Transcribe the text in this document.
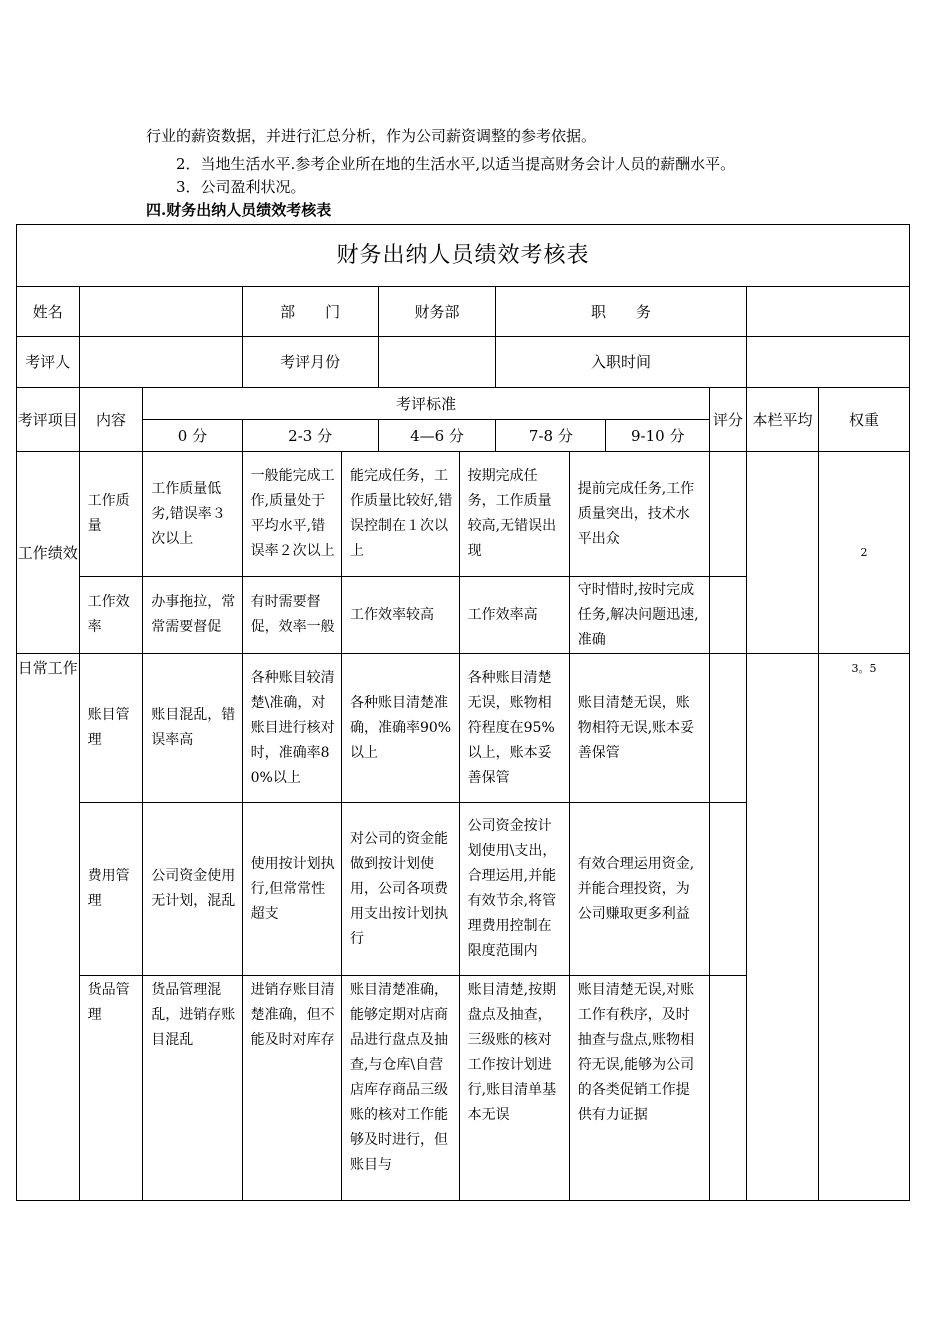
行业的薪资数据，并进行汇总分析，作为公司薪资调整的参考依据。
2．当地生活水平.参考企业所在地的生活水平,以适当提高财务会计人员的薪酬水平。
3．公司盈利状况。
四.财务出纳人员绩效考核表
财务出纳人员绩效考核表												
姓名			部　　门		财务部		职　　务					
考评人			考评月份				入职时间					
考评项目	内容	考评标准								评分	本栏平均	权重
		0 分	2-3 分		4—6 分		7-8 分		9-10 分			
工作绩效	工作质量	工作质量低劣,错误率３次以上	一般能完成工作,质量处于平均水平,错误率２次以上	能完成任务，工作质量比较好,错误控制在１次以上		按期完成任务，工作质量较高,无错误出现		提前完成任务,工作质量突出，技术水平出众				2
	工作效率	办事拖拉，常常需要督促	有时需要督促，效率一般	工作效率较高		工作效率高		守时惜时,按时完成任务,解决问题迅速,准确				
日常工作	账目管理	账目混乱，错误率高	各种账目较清楚\准确，对账目进行核对时，准确率80%以上	各种账目清楚准确，准确率90%以上		各种账目清楚无误，账物相符程度在95%以上，账本妥善保管		账目清楚无误，账物相符无误,账本妥善保管				3。5
	费用管理	公司资金使用无计划，混乱	使用按计划执行,但常常性超支	对公司的资金能做到按计划使用，公司各项费用支出按计划执行		公司资金按计划使用\支出，合理运用,并能有效节余,将管理费用控制在限度范围内		有效合理运用资金,并能合理投资，为公司赚取更多利益				
	货品管理	货品管理混乱，进销存账目混乱	进销存账目清楚准确，但不能及时对库存	账目清楚准确，能够定期对店商品进行盘点及抽查,与仓库\自营店库存商品三级账的核对工作能够及时进行，但账目与		账目清楚,按期盘点及抽查，三级账的核对工作按计划进行,账目清单基本无误		账目清楚无误,对账工作有秩序，及时抽查与盘点,账物相符无误,能够为公司的各类促销工作提供有力证据				
